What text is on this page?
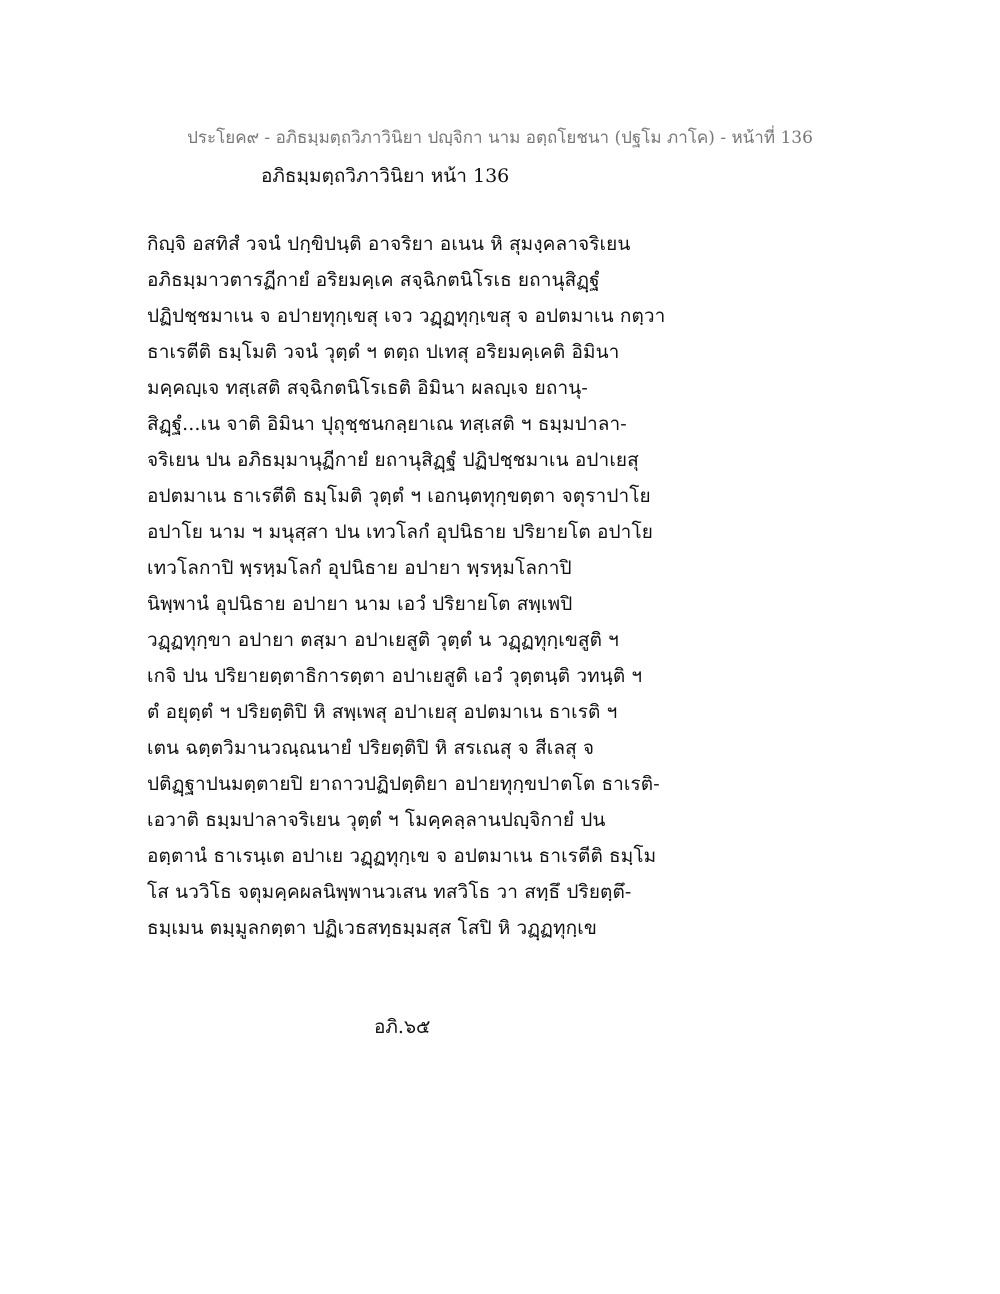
ประโยค๙ - อภิธมฺมตฺถวิภาวินิยา ปญฺจิกา นาม อตฺถโยชนา (ปฐโม ภาโค) - หน้าที่ 136
อภิธมฺมตฺถวิภาวินิยา หน้า 136
กิญฺจิ อสทิสํ วจนํ ปกฺขิปนฺติ อาจริยา อเนน หิ สุมงฺคลาจริเยน
อภิธมฺมาวตารฏีกายํ อริยมคฺเค สจฺฉิกตนิโรเธ ยถานุสิฏฺฐํ
ปฏิปชฺชมาเน จ อปายทุกฺเขสุ เจว วฏฺฏทุกฺเขสุ จ อปตมาเน กตฺวา
ธาเรตีติ ธมฺโมติ วจนํ วุตฺตํ ฯ ตตฺถ ปเทสุ อริยมคฺเคติ อิมินา
มคฺคญฺเจ ทสฺเสติ สจฺฉิกตนิโรเธติ อิมินา ผลญฺเจ ยถานุ-
สิฏฺฐํ...เน จาติ อิมินา ปุถุชฺชนกลฺยาเณ ทสฺเสติ ฯ ธมฺมปาลา-
จริเยน ปน อภิธมฺมานุฏีกายํ ยถานุสิฏฺฐํ ปฏิปชฺชมาเน อปาเยสุ
อปตมาเน ธาเรตีติ ธมฺโมติ วุตฺตํ ฯ เอกนฺตทุกฺขตฺตา จตุราปาโย
อปาโย นาม ฯ มนุสฺสา ปน เทวโลกํ อุปนิธาย ปริยายโต อปาโย
เทวโลกาปิ พฺรหฺมโลกํ อุปนิธาย อปายา พฺรหฺมโลกาปิ
นิพฺพานํ อุปนิธาย อปายา นาม เอวํ ปริยายโต สพฺเพปิ
วฏฺฏทุกฺขา อปายา ตสฺมา อปาเยสูติ วุตฺตํ น วฏฺฏทุกฺเขสูติ ฯ
เกจิ ปน ปริยายตฺตาธิการตฺตา อปาเยสูติ เอวํ วุตฺตนฺติ วทนฺติ ฯ
ตํ อยุตฺตํ ฯ ปริยตฺติปิ หิ สพฺเพสุ อปาเยสุ อปตมาเน ธาเรติ ฯ
เตน ฉตฺตวิมานวณฺณนายํ ปริยตฺติปิ หิ สรเณสุ จ สีเลสุ จ
ปติฏฺฐาปนมตฺตายปิ ยาถาวปฏิปตฺติยา อปายทุกฺขปาตโต ธาเรติ-
เอวาติ ธมฺมปาลาจริเยน วุตฺตํ ฯ โมคฺคลฺลานปญฺจิกายํ ปน
อตฺตานํ ธาเรนฺเต อปาเย วฏฺฏทุกฺเข จ อปตมาเน ธาเรตีติ ธมฺโม
โส นววิโธ จตุมคฺคผลนิพฺพานวเสน ทสวิโธ วา สทฺธึ ปริยตฺตึ-
ธมฺเมน ตมฺมูลกตฺตา ปฏิเวธสทฺธมฺมสฺส โสปิ หิ วฏฺฏทุกฺเข
อภิ.๖๕
